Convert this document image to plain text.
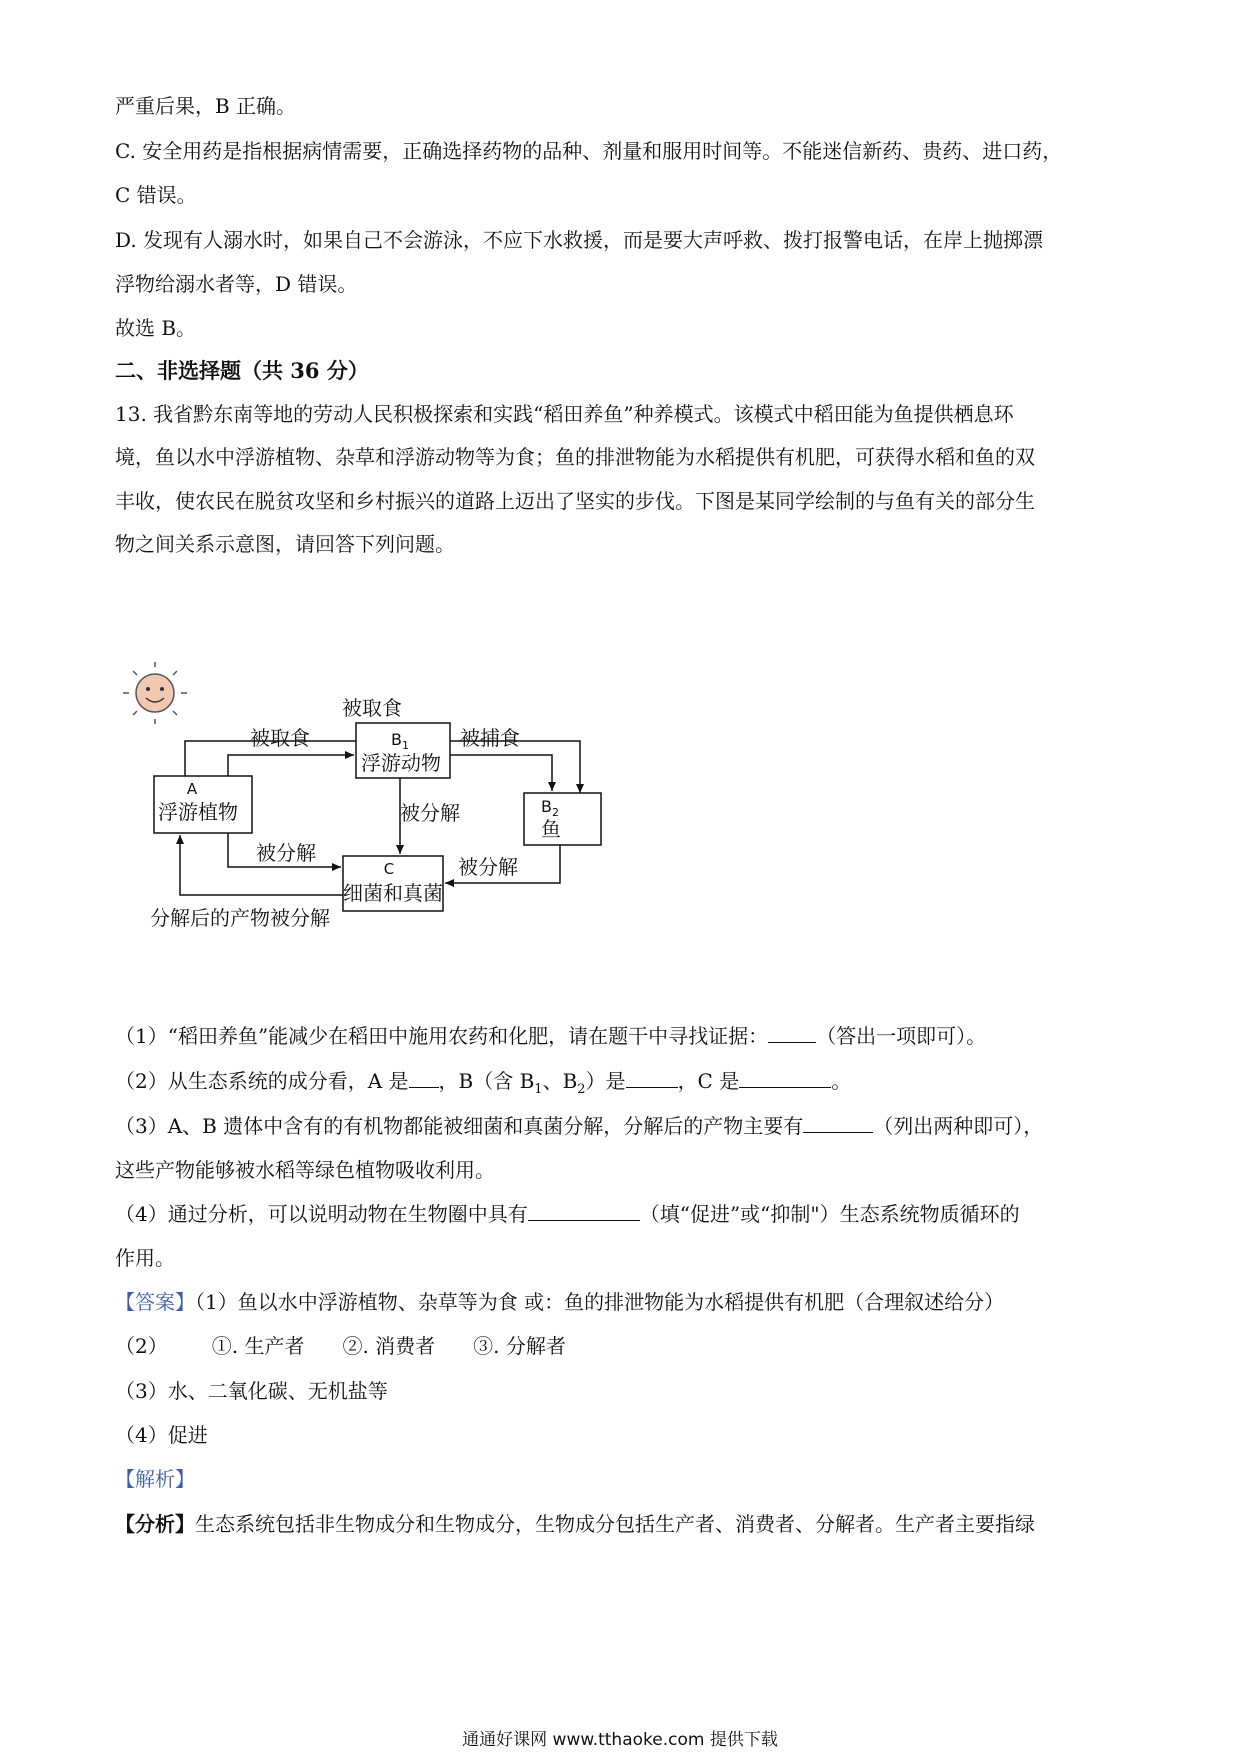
严重后果，B 正确。
C. 安全用药是指根据病情需要，正确选择药物的品种、剂量和服用时间等。不能迷信新药、贵药、进口药，
C 错误。
D. 发现有人溺水时，如果自己不会游泳，不应下水救援，而是要大声呼救、拨打报警电话，在岸上抛掷漂
浮物给溺水者等，D 错误。
故选 B。
二、非选择题（共 36 分）
13. 我省黔东南等地的劳动人民积极探索和实践“稻田养鱼”种养模式。该模式中稻田能为鱼提供栖息环
境，鱼以水中浮游植物、杂草和浮游动物等为食；鱼的排泄物能为水稻提供有机肥，可获得水稻和鱼的双
丰收，使农民在脱贫攻坚和乡村振兴的道路上迈出了坚实的步伐。下图是某同学绘制的与鱼有关的部分生
物之间关系示意图，请回答下列问题。
被取食
A
浮游植物
$B_1$
浮游动物
$B_2$
鱼
C
细菌和真菌
被取食	被捕食
被分解
被分解
被分解
分解后的产物被分解
（1）“稻田养鱼”能减少在稻田中施用农药和化肥，请在题干中寻找证据： （答出一项即可）。
（2）从生态系统的成分看，A 是 ，B（含 $B_1$、$B_2$）是	，C 是	。
（3）A、B 遗体中含有的有机物都能被细菌和真菌分解，分解后的产物主要有	（列出两种即可），
这些产物能够被水稻等绿色植物吸收利用。
（4）通过分析，可以说明动物在生物圈中具有	（填“促进”或“抑制"）生态系统物质循环的
作用。
【答案】（1）鱼以水中浮游植物、杂草等为食 或：鱼的排泄物能为水稻提供有机肥（合理叙述给分）
（2） ①. 生产者 ②. 消费者 ③. 分解者
（3）水、二氧化碳、无机盐等
（4）促进
【解析】
【分析】生态系统包括非生物成分和生物成分，生物成分包括生产者、消费者、分解者。生产者主要指绿
通通好课网 www.tthaoke.com 提供下载
